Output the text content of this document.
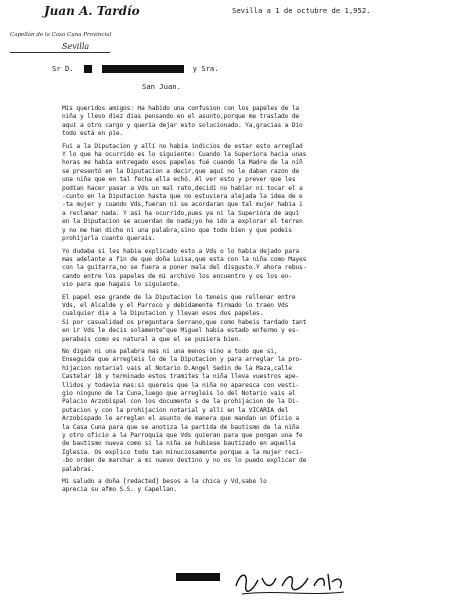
Juan A. Tardío
Capellán de la Casa Cuna Provincial
Sevilla
Sevilla a 1 de octubre de 1,952.
Sr D.	y Sra.
San Juan.
Mis queridos amigos: Ha habido una confusion con los papeles de la
niña y llevo diez dias pensando en el asunto,porque me traslado de
aquí a otro cargo y quería dejar esto solucionado. Ya,gracias a Dio
todo está en pie.
Fui a la Diputacion y allí no había indicios de estar esto arreglad
Y lo que ha ocurrido es lo siguiente: Cuando la Superiora hacia unas
horas me había entregado esos papeles fué cuando la Madre de la niñ
se presentó en la Diputacion a decir,que aquí no le daban razon de
una niña que en tal fecha ella echó. Al ver esto y prever que les
podían hacer pasar a Vds un mal rato,decidí no hablar ni tocar el a
-cunto en la Diputacion hasta que no estuviera alejada la idea de e
-ta mujer y cuando Vds,fueran ni se acordaran que tal mujer habia i
a reclamar nada. Y asi ha ocurrido,pues ya ni la Superiora de aquí
en la Diputacion se acuerdan de nada;yo he ido a explorar el terren
y no me han dicho ni una palabra,sino que todo bien y que podeis
prohijarla cuanto querais.
Yo dudaba si les habia explicado esto a Vds o lo habia dejado para
mas adelante a fin de que doña Luisa,que esta con la niña como Mayes
con la guitarra,no se fuera a poner mala del disgusto.Y ahora rebus-
cando entre los papeles de mi archivo los encuentro y os los en-
vio para que hagais lo siguiente.
El papel ese grande de la Diputacion lo teneis que rellenar entre
Vds, el Alcalde y el Parroco y debidamente firmado lo traen Vds
cualquier dia a la Diputacion y llevan esos dos papeles.
Si por casualidad os preguntara Serrano,que como habeis tardado tant
en ir Vds le decis solamente"que Miguel habia estado enfermo y es-
perabais como es natural a que el se pusiera bien.
No digan ni una palabra mas ni una menos sino a todo que si,
Enseguida que arregleis lo de la Diputacion y para arreglar la pro-
hijacion notarial vais al Notario D.Angel Sedin de la Maza,calle
Castelar 18 y terminado estos tramites la niña lleva vuestros ape-
llidos y todavia mas:si quereis que la niña no aparesca con vesti-
gio ninguno de la Cuna,luego que arregleis lo del Notario vais al
Palacio Arzobispal con los documento s de la prohijacion de la Di-
putacion y con la prohijacion notarial y alli en la VICARIA del
Arzobispado le arreglan el asunto de manera que mandan un Oficio a
la Casa Cuna para que se anotiza la partida de bautismo de la niña
y otro oficio a la Parroquia que Vds quieran para que pongan una fe
de bautismo nueva como si la niña se hubiese bautizado en aquella
Iglesia. Os explico todo tan minuciosamente porque a la mujer reci-
-bo orden de marchar a mi nuevo destino y no os lo puedo explicar de
palabras.
Mi saludo a doña [redacted] besos a la chica y Vd,sabe lo
aprecia su afmo S.S. y Capellan.
